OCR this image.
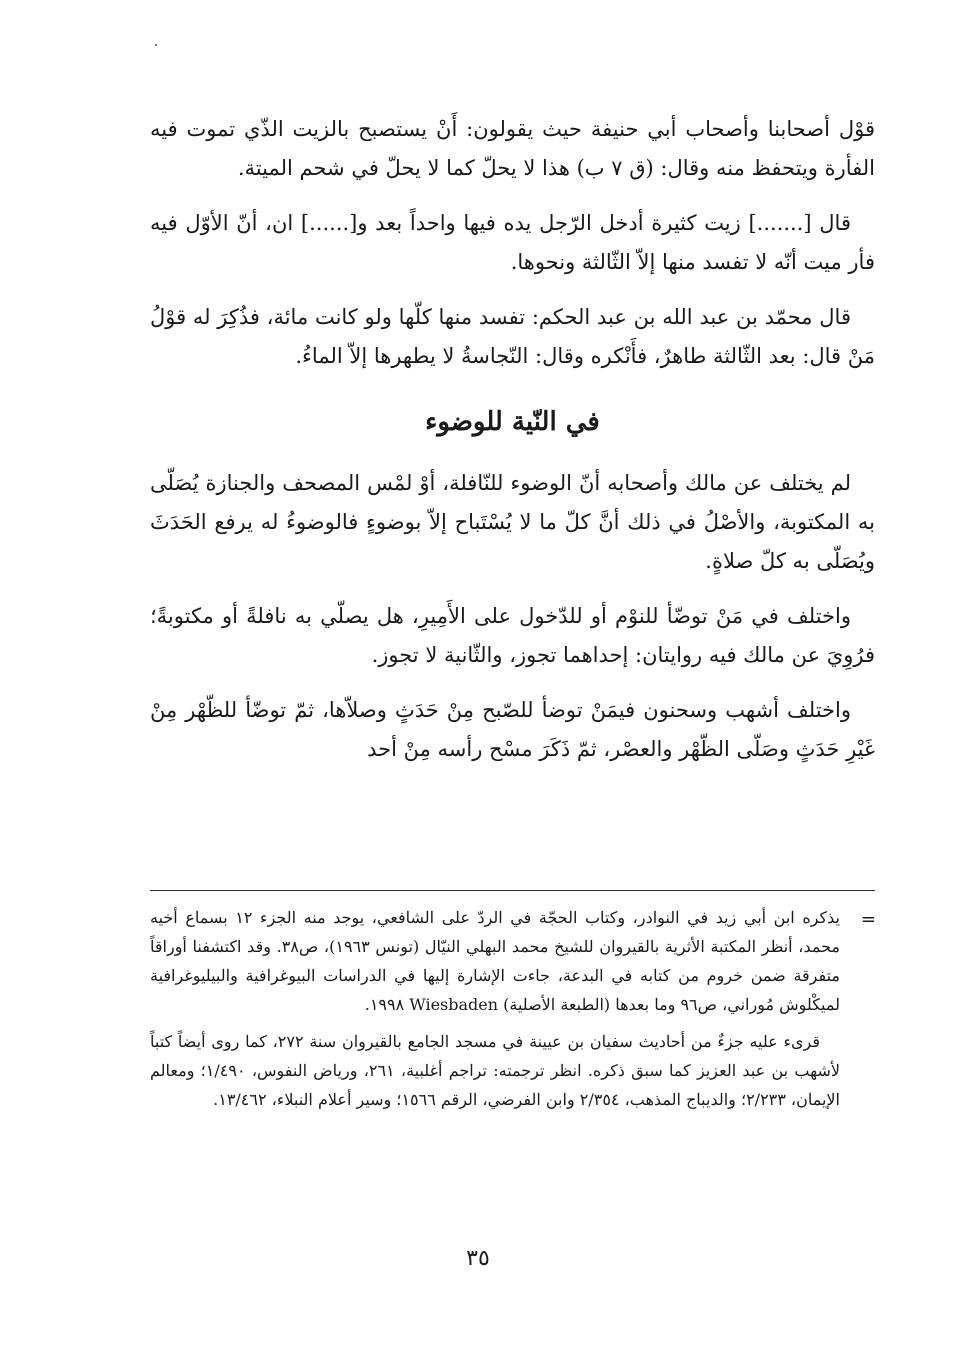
قوْل أصحابنا وأصحاب أبي حنيفة حيث يقولون: أَنْ يستصبح بالزيت الذّي تموت فيه الفأرة ويتحفظ منه وقال: (ق ٧ ب) هذا لا يحلّ كما لا يحلّ في شحم الميتة.

قال [.......] زيت كثيرة أدخل الرّجل يده فيها واحداً بعد و[......] ان، أنّ الأوّل فيه فأر ميت أنّه لا تفسد منها إلاّ الثّالثة ونحوها.

قال محمّد بن عبد الله بن عبد الحكم: تفسد منها كلّها ولو كانت مائة، فذُكِرَ له قوْلُ مَنْ قال: بعد الثّالثة طاهرٌ، فأَنْكره وقال: النّجاسةُ لا يطهرها إلاّ الماءُ.

في النّية للوضوء

لم يختلف عن مالك وأصحابه أنّ الوضوء للنّافلة، أوْ لمْس المصحف والجنازة يُصَلّى به المكتوبة، والأصْلُ في ذلك أنَّ كلّ ما لا يُسْتَباح إلاّ بوضوءٍ فالوضوءُ له يرفع الحَدَثَ ويُصَلّى به كلّ صلاةٍ.

واختلف في مَنْ توضّأ للنوْم أو للدّخول على الأَمِيرِ، هل يصلّي به نافلةً أو مكتوبةً؛ فرُوِيَ عن مالك فيه روايتان: إحداهما تجوز، والثّانية لا تجوز.

واختلف أشهب وسحنون فيمَنْ توضأ للصّبح مِنْ حَدَثٍ وصلاّها، ثمّ توضّأ للظّهْر مِنْ غَيْرِ حَدَثٍ وصَلّى الظّهْر والعصْر، ثمّ ذَكَرَ مسْح رأسه مِنْ أحد

=

يذكره ابن أبي زيد في النوادر، وكتاب الحجّة في الردّ على الشافعي، يوجد منه الجزء ١٢ بسماع أخيه محمد، أنظر المكتبة الأثرية بالقيروان للشيخ محمد البهلي النيّال (تونس ١٩٦٣)، ص٣٨. وقد اكتشفنا أوراقاً متفرقة ضمن خروم من كتابه في البدعة، جاءت الإشارة إليها في الدراسات البيوغرافية والبيليوغرافية لميكْلوش مُوراني، ص٩٦ وما بعدها (الطبعة الأصلية) Wiesbaden ١٩٩٨.

قرىء عليه جزءٌ من أحاديث سفيان بن عيينة في مسجد الجامع بالقيروان سنة ٢٧٢، كما روى أيضاً كتباً لأشهب بن عبد العزيز كما سبق ذكره. انظر ترجمته: تراجم أغلبية، ٢٦١، ورياض النفوس، ١/٤٩٠؛ ومعالم الإيمان، ٢/٢٣٣؛ والديباج المذهب، ٢/٣٥٤ وابن الفرضي، الرقم ١٥٦٦؛ وسير أعلام النبلاء، ١٣/٤٦٢.

٣٥
